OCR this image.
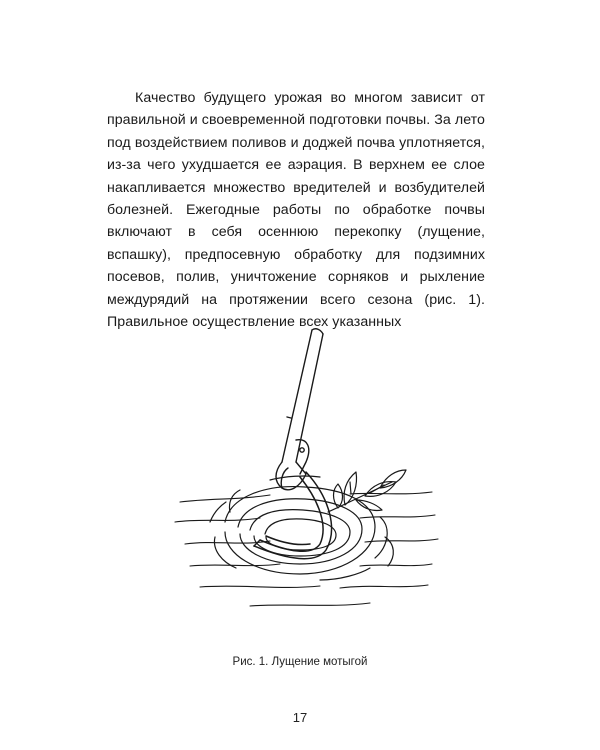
Качество будущего урожая во многом зависит от правильной и своевременной подготовки почвы. За лето под воздействием поливов и доджей почва уплотняется, из-за чего ухудшается ее аэрация. В верхнем ее слое накапливается множество вредителей и возбудителей болезней. Ежегодные работы по обработке почвы включают в себя осеннюю перекопку (лущение, вспашку), предпосевную обработку для подзимних посевов, полив, уничтожение сорняков и рыхление междурядий на протяжении всего сезона (рис. 1). Правильное осуществление всех указанных

Рис. 1. Лущение мотыгой

17
